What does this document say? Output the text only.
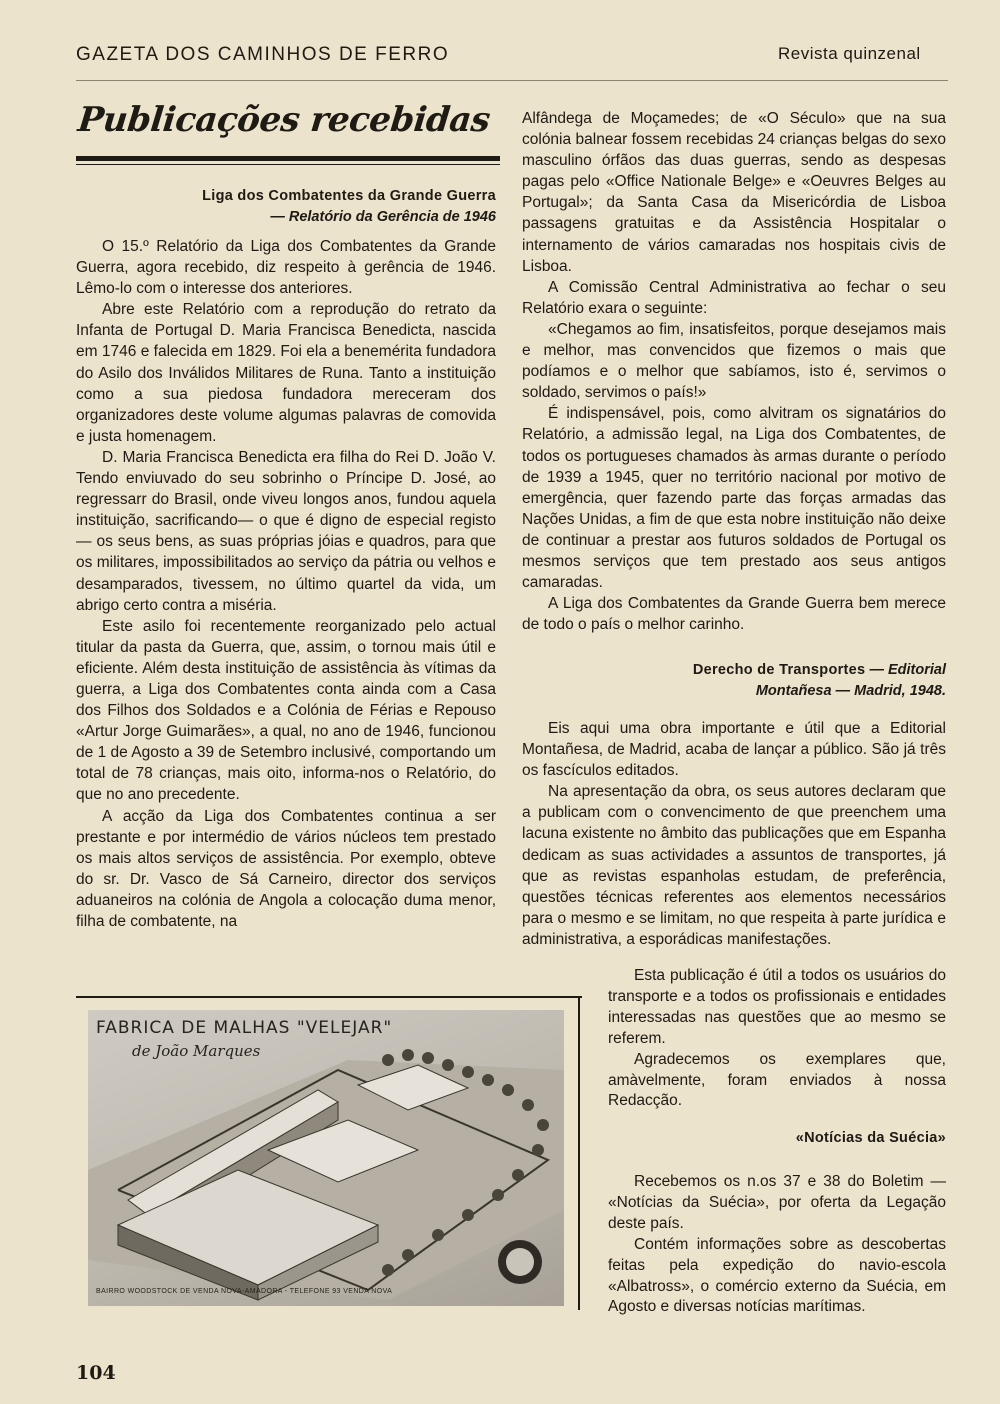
GAZETA DOS CAMINHOS DE FERRO	Revista quinzenal
Publicações recebidas
Liga dos Combatentes da Grande Guerra
— Relatório da Gerência de 1946

O 15.º Relatório da Liga dos Combatentes da Grande Guerra, agora recebido, diz respeito à gerência de 1946. Lêmo-lo com o interesse dos anteriores.

Abre este Relatório com a reprodução do retrato da Infanta de Portugal D. Maria Francisca Benedicta, nascida em 1746 e falecida em 1829. Foi ela a benemérita fundadora do Asilo dos Inválidos Militares de Runa. Tanto a instituição como a sua piedosa fundadora mereceram dos organizadores deste volume algumas palavras de comovida e justa homenagem.

D. Maria Francisca Benedicta era filha do Rei D. João V. Tendo enviuvado do seu sobrinho o Príncipe D. José, ao regressarr do Brasil, onde viveu longos anos, fundou aquela instituição, sacrificando— o que é digno de especial registo — os seus bens, as suas próprias jóias e quadros, para que os militares, impossibilitados ao serviço da pátria ou velhos e desamparados, tivessem, no último quartel da vida, um abrigo certo contra a miséria.

Este asilo foi recentemente reorganizado pelo actual titular da pasta da Guerra, que, assim, o tornou mais útil e eficiente. Além desta instituição de assistência às vítimas da guerra, a Liga dos Combatentes conta ainda com a Casa dos Filhos dos Soldados e a Colónia de Férias e Repouso «Artur Jorge Guimarães», a qual, no ano de 1946, funcionou de 1 de Agosto a 39 de Setembro inclusivé, comportando um total de 78 crianças, mais oito, informa-nos o Relatório, do que no ano precedente.

A acção da Liga dos Combatentes continua a ser prestante e por intermédio de vários núcleos tem prestado os mais altos serviços de assistência. Por exemplo, obteve do sr. Dr. Vasco de Sá Carneiro, director dos serviços aduaneiros na colónia de Angola a colocação duma menor, filha de combatente, na

Alfândega de Moçamedes; de «O Século» que na sua colónia balnear fossem recebidas 24 crianças belgas do sexo masculino órfãos das duas guerras, sendo as despesas pagas pelo «Office Nationale Belge» e «Oeuvres Belges au Portugal»; da Santa Casa da Misericórdia de Lisboa passagens gratuitas e da Assistência Hospitalar o internamento de vários camaradas nos hospitais civis de Lisboa.

A Comissão Central Administrativa ao fechar o seu Relatório exara o seguinte:

«Chegamos ao fim, insatisfeitos, porque desejamos mais e melhor, mas convencidos que fizemos o mais que podíamos e o melhor que sabíamos, isto é, servimos o soldado, servimos o país!»

É indispensável, pois, como alvitram os signatários do Relatório, a admissão legal, na Liga dos Combatentes, de todos os portugueses chamados às armas durante o período de 1939 a 1945, quer no território nacional por motivo de emergência, quer fazendo parte das forças armadas das Nações Unidas, a fim de que esta nobre instituição não deixe de continuar a prestar aos futuros soldados de Portugal os mesmos serviços que tem prestado aos seus antigos camaradas.

A Liga dos Combatentes da Grande Guerra bem merece de todo o país o melhor carinho.

Derecho de Transportes — Editorial
Montañesa — Madrid, 1948.

Eis aqui uma obra importante e útil que a Editorial Montañesa, de Madrid, acaba de lançar a público. São já três os fascículos editados.

Na apresentação da obra, os seus autores declaram que a publicam com o convencimento de que preenchem uma lacuna existente no âmbito das publicações que em Espanha dedicam as suas actividades a assuntos de transportes, já que as revistas espanholas estudam, de preferência, questões técnicas referentes aos elementos necessários para o mesmo e se limitam, no que respeita à parte jurídica e administrativa, a esporádicas manifestações.

Esta publicação é útil a todos os usuários do transporte e a todos os profissionais e entidades interessadas nas questões que ao mesmo se referem.

Agradecemos os exemplares que, amàvelmente, foram enviados à nossa Redacção.

«Notícias da Suécia»

Recebemos os n.os 37 e 38 do Boletim — «Notícias da Suécia», por oferta da Legação deste país.

Contém informações sobre as descobertas feitas pela expedição do navio-escola «Albatross», o comércio externo da Suécia, em Agosto e diversas notícias marítimas.

FABRICA DE MALHAS "VELEJAR"
de João Marques
BAIRRO WOODSTOCK DE VENDA NOVA-AMADORA - TELEFONE 93 VENDA NOVA
104
